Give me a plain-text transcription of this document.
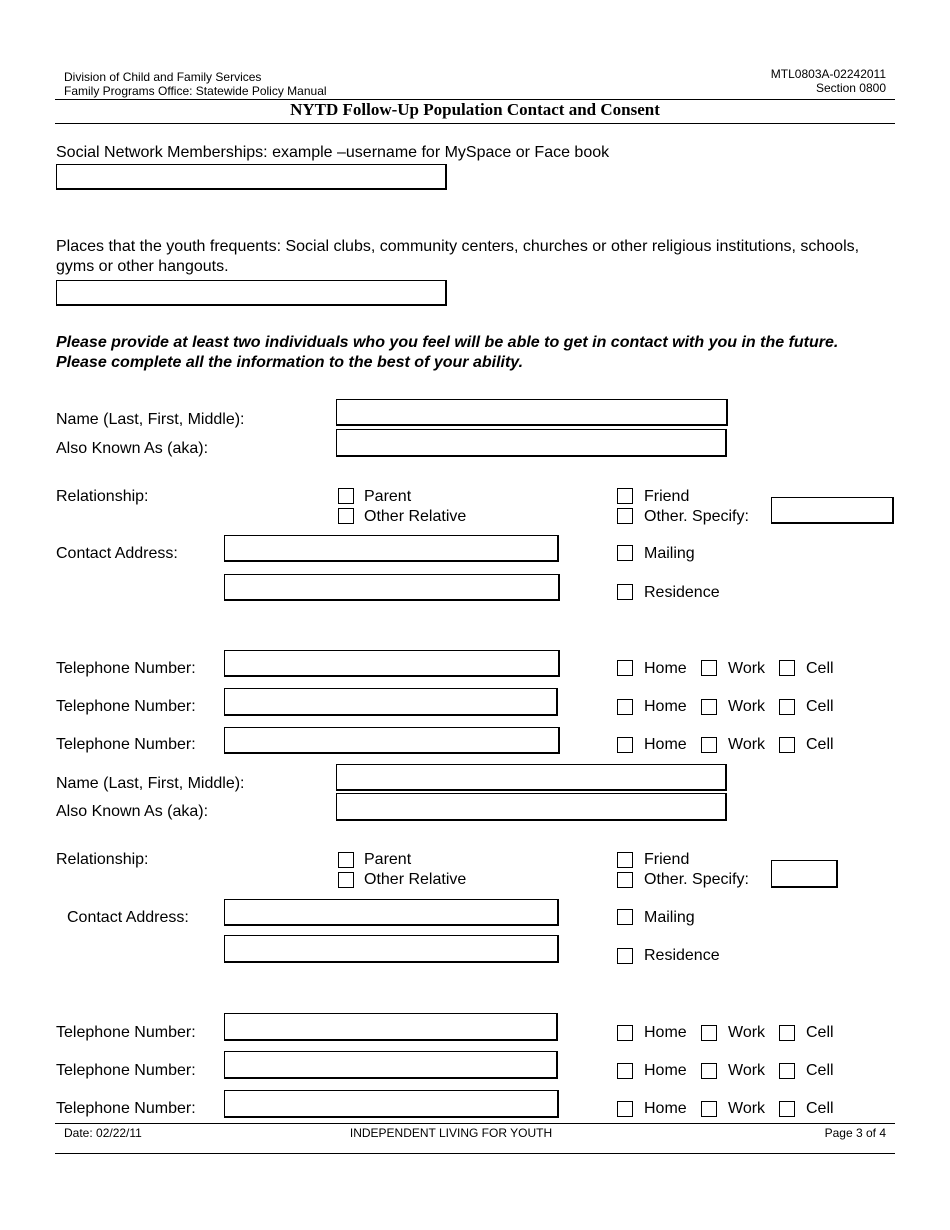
Division of Child and Family Services
Family Programs Office: Statewide Policy Manual
MTL0803A-02242011
Section 0800
NYTD Follow-Up Population Contact and Consent
Social Network Memberships: example –username for MySpace or Face book
Places that the youth frequents: Social clubs, community centers, churches or other religious institutions, schools, gyms or other hangouts.
Please provide at least two individuals who you feel will be able to get in contact with you in the future.
Please complete all the information to the best of your ability.
Name (Last, First, Middle):
Also Known As (aka):
Relationship:	Parent
Other Relative
Friend
Other. Specify:
Contact Address:	Mailing
Residence
Telephone Number:	Home	Work	Cell
Telephone Number:	Home	Work	Cell
Telephone Number:	Home	Work	Cell
Name (Last, First, Middle):
Also Known As (aka):
Relationship:	Parent
Other Relative
Friend
Other. Specify:
Contact Address:	Mailing
Residence
Telephone Number:	Home	Work	Cell
Telephone Number:	Home	Work	Cell
Telephone Number:	Home	Work	Cell
Date: 02/22/11	INDEPENDENT LIVING FOR YOUTH	Page 3 of 4
